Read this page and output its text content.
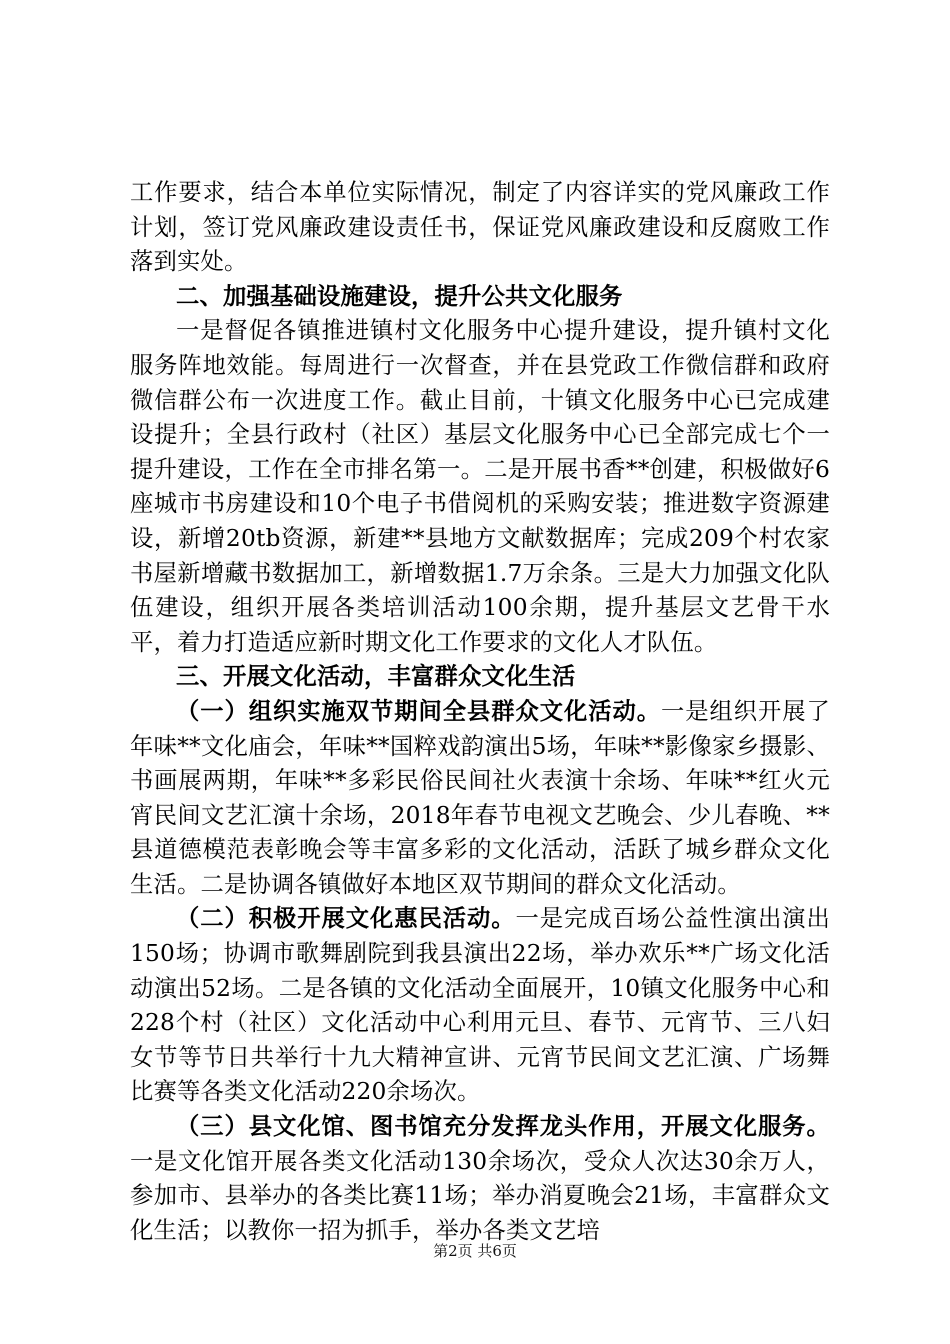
工作要求，结合本单位实际情况，制定了内容详实的党风廉政工作计划，签订党风廉政建设责任书，保证党风廉政建设和反腐败工作落到实处。

二、加强基础设施建设，提升公共文化服务

一是督促各镇推进镇村文化服务中心提升建设，提升镇村文化服务阵地效能。每周进行一次督查，并在县党政工作微信群和政府微信群公布一次进度工作。截止目前，十镇文化服务中心已完成建设提升；全县行政村（社区）基层文化服务中心已全部完成七个一提升建设，工作在全市排名第一。二是开展书香**创建，积极做好6座城市书房建设和10个电子书借阅机的采购安装；推进数字资源建设，新增20tb资源，新建**县地方文献数据库；完成209个村农家书屋新增藏书数据加工，新增数据1.7万余条。三是大力加强文化队伍建设，组织开展各类培训活动100余期，提升基层文艺骨干水平，着力打造适应新时期文化工作要求的文化人才队伍。

三、开展文化活动，丰富群众文化生活

（一）组织实施双节期间全县群众文化活动。一是组织开展了年味**文化庙会，年味**国粹戏韵演出5场，年味**影像家乡摄影、书画展两期，年味**多彩民俗民间社火表演十余场、年味**红火元宵民间文艺汇演十余场，2018年春节电视文艺晚会、少儿春晚、**县道德模范表彰晚会等丰富多彩的文化活动，活跃了城乡群众文化生活。二是协调各镇做好本地区双节期间的群众文化活动。

（二）积极开展文化惠民活动。一是完成百场公益性演出演出150场；协调市歌舞剧院到我县演出22场，举办欢乐**广场文化活动演出52场。二是各镇的文化活动全面展开，10镇文化服务中心和228个村（社区）文化活动中心利用元旦、春节、元宵节、三八妇女节等节日共举行十九大精神宣讲、元宵节民间文艺汇演、广场舞比赛等各类文化活动220余场次。

（三）县文化馆、图书馆充分发挥龙头作用，开展文化服务。一是文化馆开展各类文化活动130余场次，受众人次达30余万人，参加市、县举办的各类比赛11场；举办消夏晚会21场，丰富群众文化生活；以教你一招为抓手，举办各类文艺培

第2页 共6页
